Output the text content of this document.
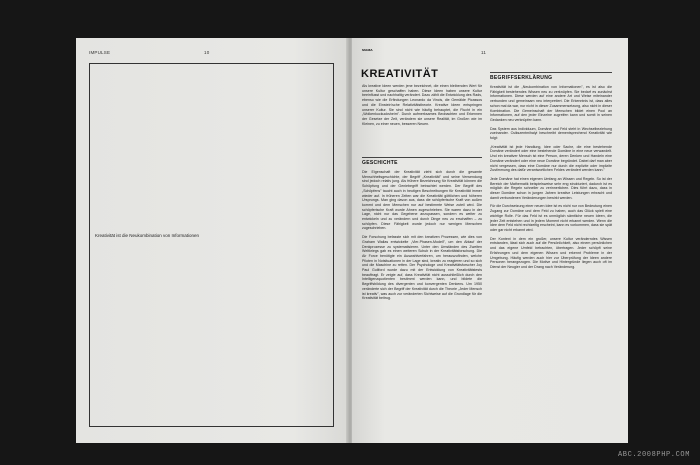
IMPULSE	10
Kreativität ist die Neukombination von Informationen
ᴍᴀᴍᴀ
11
KREATIVITÄT

Als kreative Ideen werden jene bezeichnet, die einen bleibenden Wert für unsere Kultur geschaffen haben. Diese Ideen haben unsere Kultur beeinflusst und nachhaltig verändert. Dazu zählt die Entwicklung des Rads, ebenso wie die Erfindungen Leonardo da Vincis, die Gemälde Picassos und die Einstein'sche Relativitätstheorie. Kreative Ideen entspringen unserer Kultur. Sie sind nicht wie häufig behauptet, die Flucht in ein „Wolkenkuckucksheim". Durch aufmerksames Beobachten und Erkennen der Gesetze der Zeit, verändern sie unsere Realität, im Großen wie im Kleinen, zu einer neuen, besseren Neuen.

GESCHICHTE

Die Eigenschaft der Kreativität zieht sich durch die gesamte Menschheitsgeschichte, der Begriff „Kreativität" und seine Verwendung sind jedoch relativ jung. Als frühere Bezeichnung für Kreativität können die Schöpfung und der Geniebegriff betrachtet werden. Der Begriff des „Schöpfens" taucht auch in heutigen Beschreibungen für Kreativität immer wieder auf. In früheren Zeiten war die Kreativität göttlichen und höheren Ursprungs. Man ging davon aus, dass die schöpferische Kraft von außen kommt und dem Menschen nur auf bestimmte Weise zuteil wird. Die schöpferische Kraft wurde Ahnen zugeschrieben. Sie waren dazu in der Lage, nicht nur das Gegebene anzupassen, sondern es weiter zu entwickeln und zu verändern und durch Dinge neu zu erschaffen – zu schöpfen. Diese Fähigkeit wurde jedoch nur wenigen Menschen zugeschrieben.

Die Forschung befasste sich mit den kreativen Prozessen, wie dies von Graham Wallas entwickelte „Vier-Phasen-Modell", um den Ablauf der Denkprozesse zu systematisieren. Unter den Umständen des Zweiten Weltkriegs gab es einen weiteren Schub in der Kreativitätsforschung. Die Air Force benötigte ein Auswahlverfahren, um herauszufinden, welche Piloten in Notsituationen in der Lage sind, kreativ zu reagieren und so sich und die Maschine zu retten. Der Psychologe und Kreativitätsforscher Joy Paul Guilford wurde dazu mit der Entwicklung von Kreativitätstests beauftragt. Er zeigte auf, dass Kreativität nicht ausschließlich durch den Intelligenzquotienten bestimmt werden kann, und bildete die Begriffsbildung des divergenten und konvergenten Denkens. Um 1950 veränderte sich der Begriff der Kreativität durch die Theorie „Jeder Mensch ist kreativ", was auch zur veränderten Sichtweise auf die Grundlage für die Kreativität beitrug.

BEGRIFFSERKLÄRUNG

Kreativität ist die „Neukombination von Informationen", es ist also die Fähigkeit bestehendes Wissen neu zu verknüpfen. Sie bedarf es zunächst Informationen. Diese werden auf eine andere Art und Weise miteinander verbunden und gemeinsam neu interpretiert. Die Erkenntnis ist, dass alles schon mal da war, nur nicht in dieser Zusammensetzung, also nicht in dieser Kombination. Die Gemeinschaft der Menschen bildet einen Pool an Informationen, auf den jeder Einzelne zugreifen kann und somit in seinen Gedanken neu verknüpfen kann.

Das System aus Individuum, Domäne und Feld steht in Wechselbeziehung zueinander. Csikszentmihalyi beschreibt dementsprechend Kreativität wie folgt:

„Kreativität ist jede Handlung, Idee oder Sache, die eine bestehende Domäne verändert oder eine bestehende Domäne in eine neue verwandelt. Und ein kreativer Mensch ist eine Person, deren Denken und Handeln eine Domäne verändert oder eine neue Domäne begründet. Dabei darf man aber nicht vergessen, dass eine Domäne nur durch die explizite oder implizite Zustimmung des dafür verantwortlichen Feldes verändert werden kann."

Jede Domäne hat einen eigenen Umfang an Wissen und Regeln. So ist der Bereich der Mathematik beispielsweise sehr eng strukturiert, dadurch ist es möglich die Regeln schneller zu verinnerlichen. Dies führt dazu, dass in dieser Domäne schon in jungen Jahren kreative Leistungen erbracht und damit verbundenen Veränderungen bewirkt werden.

Für die Durchsetzung einer neuen Idee ist es nicht nur von Bedeutung einen Zugang zur Domäne und dem Feld zu haben, auch das Glück spielt eine wichtige Rolle. Für das Feld ist es unmöglich sämtliche neuen Ideen, die jeder Zeit entstehen und in jedem Moment nicht erkannt werden. Wenn die Idee dem Feld nicht rechtzeitig erscheint, kann es vorkommen, dass sie spät oder gar nicht erkannt wird.

Der Kontext in dem ein großer, unsere Kultur veränderndes Wissen entstanden, lässt sich auch auf die Persönlichkeit, also einem persönlichen und das eigene Umfeld betrachten, übertragen. Jeder schöpft seine Erfahrungen und dem eigenen Wissen und erkennt Probleme in der Umgebung. Häufig werden auch hier zur Überprüfung der Ideen andere Personen herangezogen. Die Motive und Hintergründe liegen auch oft im Dienst der Neugier und der Drang nach Veränderung.

ABC.2008PHP.COM
